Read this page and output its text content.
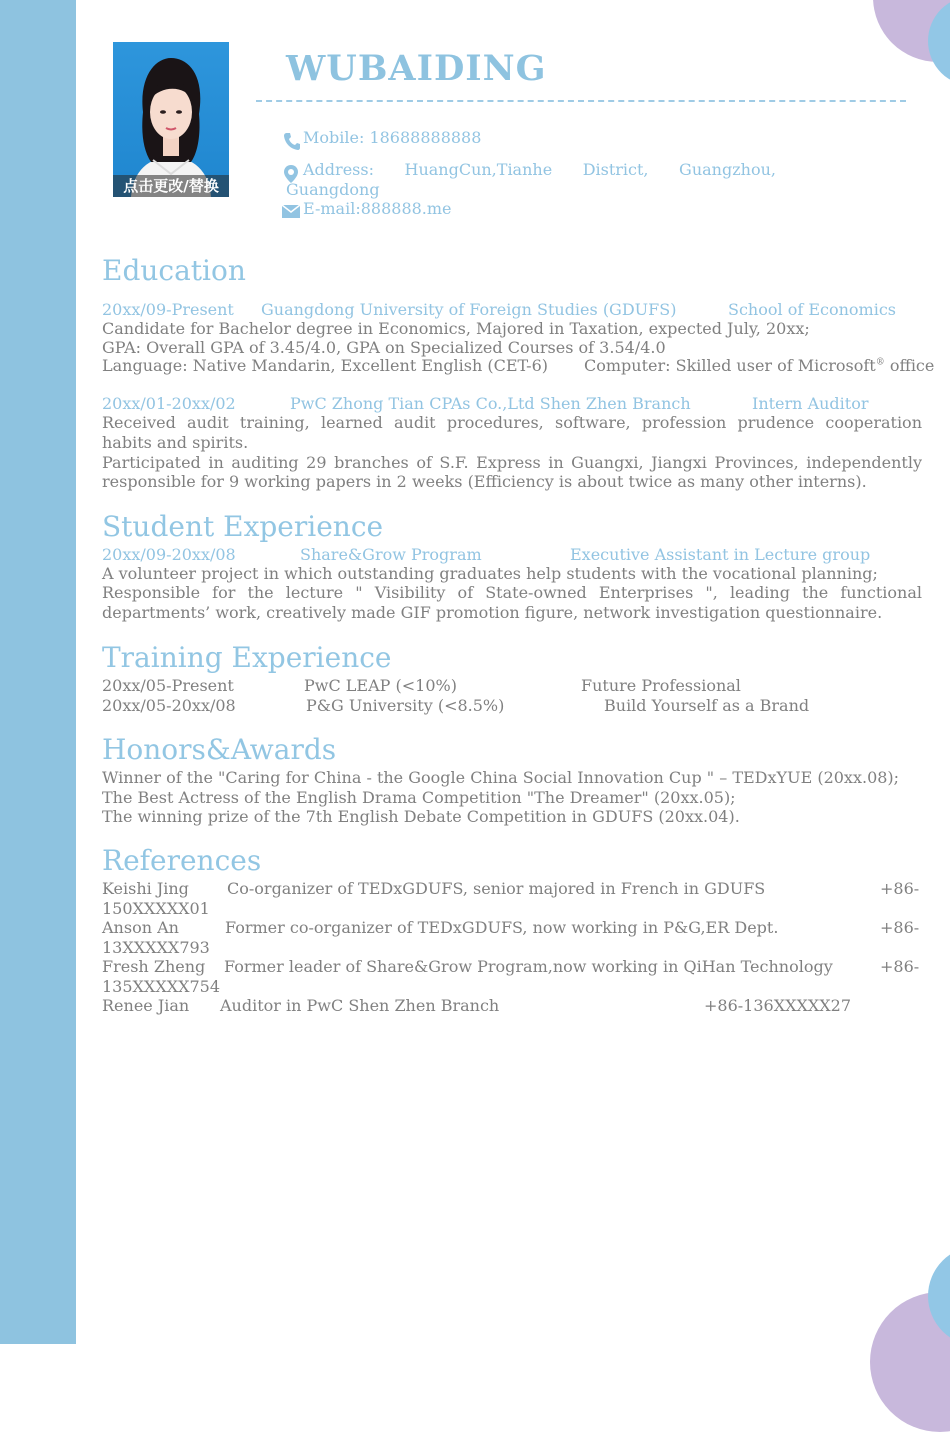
点击更改/替换
WUBAIDING
Mobile: 18688888888
Address:      HuangCun,Tianhe      District,      Guangzhou,
Guangdong
E-mail:888888.me
Education
20xx/09-Present Guangdong University of Foreign Studies (GDUFS)	School of Economics
Candidate for Bachelor degree in Economics, Majored in Taxation, expected July, 20xx;
GPA: Overall GPA of 3.45/4.0, GPA on Specialized Courses of 3.54/4.0
Language: Native Mandarin, Excellent English (CET-6) Computer: Skilled user of Microsoft® office
20xx/01-20xx/02	PwC Zhong Tian CPAs Co.,Ltd Shen Zhen Branch	Intern Auditor
Received audit training, learned audit procedures, software, profession prudence cooperation
habits and spirits.
Participated in auditing 29 branches of S.F. Express in Guangxi, Jiangxi Provinces, independently
responsible for 9 working papers in 2 weeks (Efficiency is about twice as many other interns).
Student Experience
20xx/09-20xx/08	Share&Grow Program	Executive Assistant in Lecture group
A volunteer project in which outstanding graduates help students with the vocational planning;
Responsible for the lecture " Visibility of State-owned Enterprises ", leading the functional
departments’ work, creatively made GIF promotion figure, network investigation questionnaire.
Training Experience
20xx/05-Present	PwC LEAP (<10%)	Future Professional
20xx/05-20xx/08	P&G University (<8.5%)	Build Yourself as a Brand
Honors&Awards
Winner of the "Caring for China - the Google China Social Innovation Cup " – TEDxYUE (20xx.08);
The Best Actress of the English Drama Competition "The Dreamer" (20xx.05);
The winning prize of the 7th English Debate Competition in GDUFS (20xx.04).
References
Keishi Jing Co-organizer of TEDxGDUFS, senior majored in French in GDUFS	+86-
150XXXXX01
Anson An	Former co-organizer of TEDxGDUFS, now working in P&G,ER Dept.	+86-
13XXXXX793
Fresh Zheng Former leader of Share&Grow Program,now working in QiHan Technology	+86-
135XXXXX754
Renee Jian Auditor in PwC Shen Zhen Branch	+86-136XXXXX27
